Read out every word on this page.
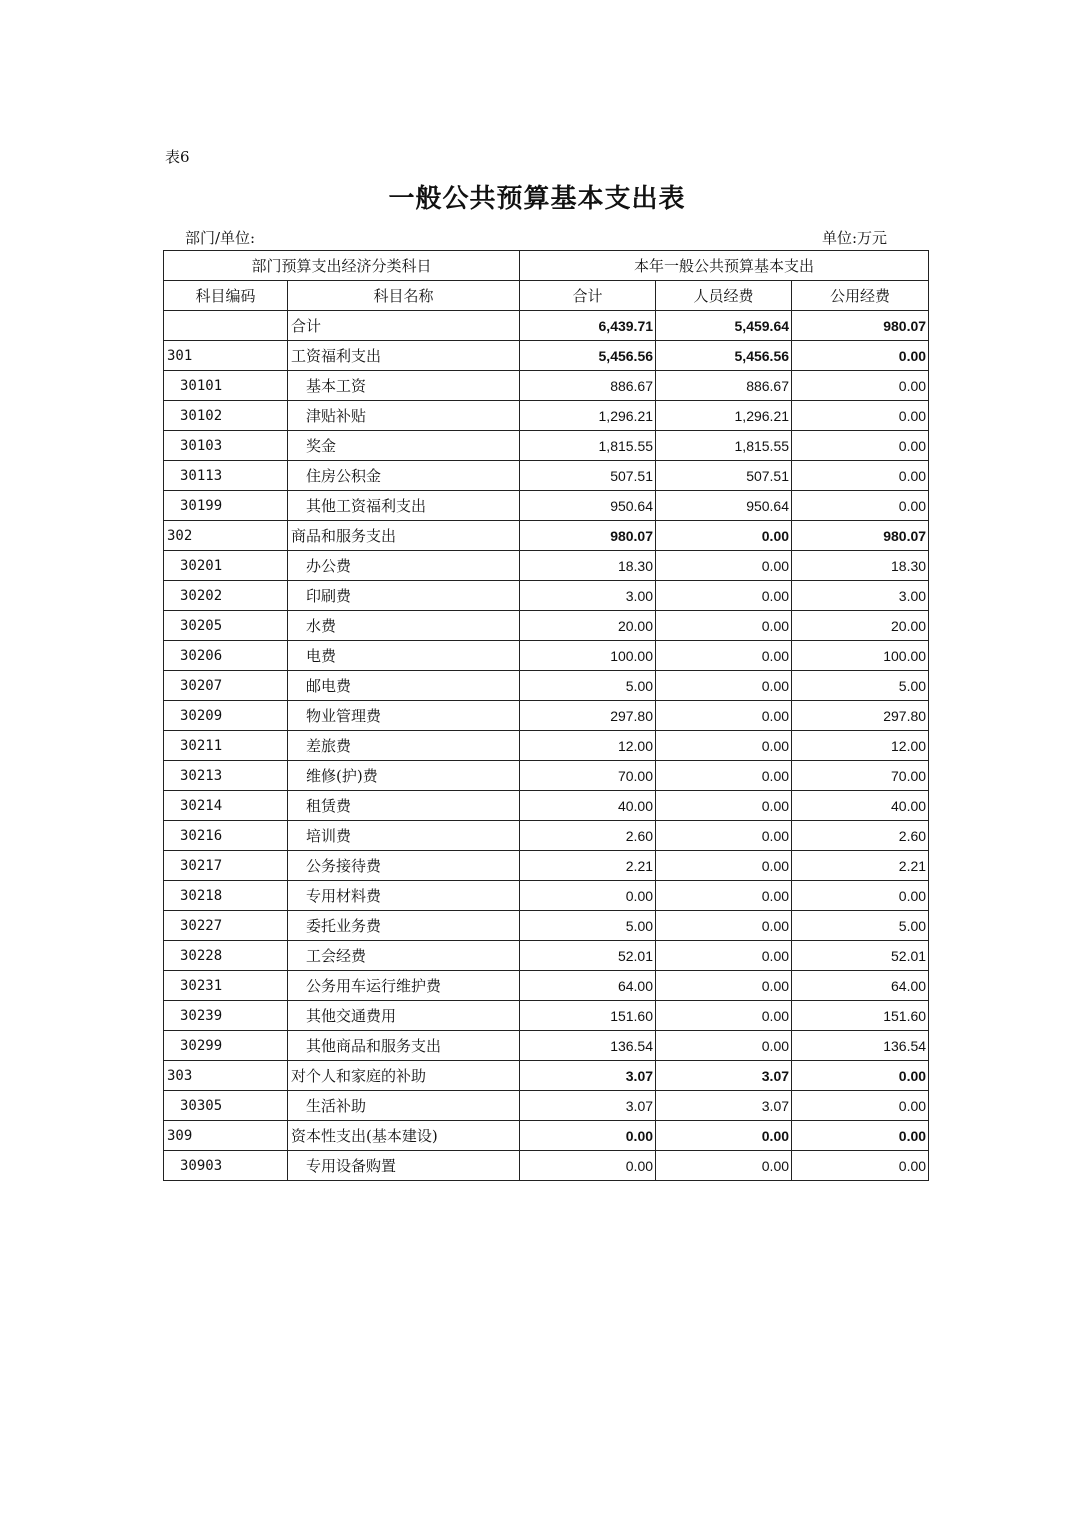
表6
一般公共预算基本支出表
部门/单位:	单位:万元
部门预算支出经济分类科日		本年一般公共预算基本支出		
科目编码	科目名称	合计	人员经费	公用经费
	合计	6,439.71	5,459.64	980.07
301	工资福利支出	5,456.56	5,456.56	0.00
30101	基本工资	886.67	886.67	0.00
30102	津贴补贴	1,296.21	1,296.21	0.00
30103	奖金	1,815.55	1,815.55	0.00
30113	住房公积金	507.51	507.51	0.00
30199	其他工资福利支出	950.64	950.64	0.00
302	商品和服务支出	980.07	0.00	980.07
30201	办公费	18.30	0.00	18.30
30202	印刷费	3.00	0.00	3.00
30205	水费	20.00	0.00	20.00
30206	电费	100.00	0.00	100.00
30207	邮电费	5.00	0.00	5.00
30209	物业管理费	297.80	0.00	297.80
30211	差旅费	12.00	0.00	12.00
30213	维修(护)费	70.00	0.00	70.00
30214	租赁费	40.00	0.00	40.00
30216	培训费	2.60	0.00	2.60
30217	公务接待费	2.21	0.00	2.21
30218	专用材料费	0.00	0.00	0.00
30227	委托业务费	5.00	0.00	5.00
30228	工会经费	52.01	0.00	52.01
30231	公务用车运行维护费	64.00	0.00	64.00
30239	其他交通费用	151.60	0.00	151.60
30299	其他商品和服务支出	136.54	0.00	136.54
303	对个人和家庭的补助	3.07	3.07	0.00
30305	生活补助	3.07	3.07	0.00
309	资本性支出(基本建设)	0.00	0.00	0.00
30903	专用设备购置	0.00	0.00	0.00
